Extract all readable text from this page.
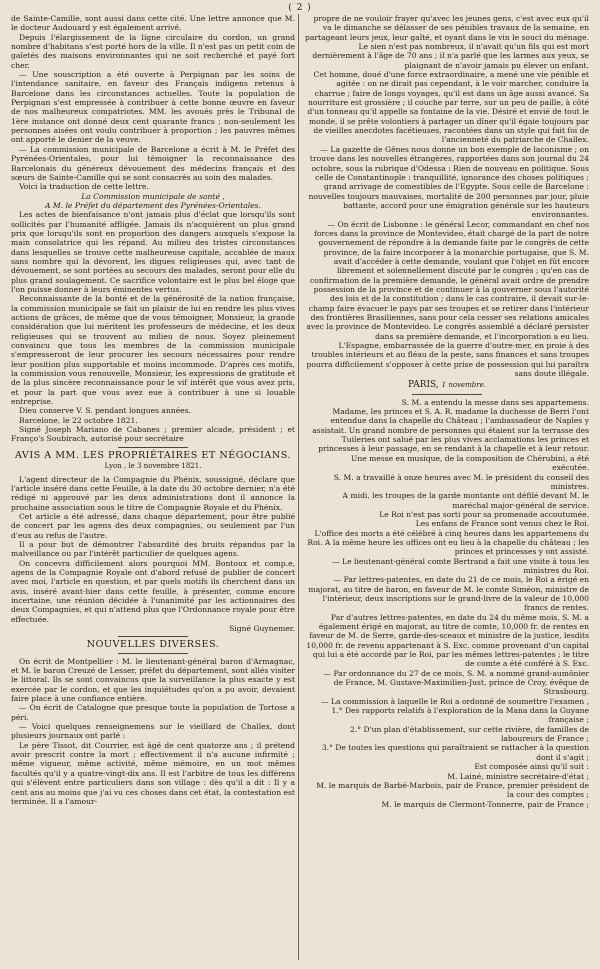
( 2 )

de Sainte-Camille, sont aussi dans cette cité. Une lettre annonce que M. le docteur Audouard y est également arrivé.

Depuis l'élargissement de la ligne circulaire du cordon, un grand nombre d'habitans s'est porté hors de la ville. Il n'est pas un petit coin de gaîetés des maisons environnantes qui ne soit recherché et payé fort cher.

— Une souscription a été ouverte à Perpignan par les soins de l'intendance sanitaire, en faveur des Français indigens retenus à Barcelone dans les circonstances actuelles. Toute la population de Perpignan s'est empressée à contribuer à cette bonne œuvre en faveur de nos malheureux compatriotes. MM. les avoués près le Tribunal de 1ère instance ont donné deux cent quarante francs ; non-seulement les personnes aisées ont voulu contribuer à proportion ; les pauvres mêmes ont apporté le denier de la veuve.

— La commission municipale de Barcelone a écrit à M. le Préfet des Pyrénées-Orientales, pour lui témoigner la reconnaissance des Barcelonais du généreux dévouement des médecins français et des sœurs de Sainte-Camille qui se sont consacrés au soin des malades.

Voici la traduction de cette lettre.

La Commission municipale de santé ,

A M. le Préfet du département des Pyrénées-Orientales.

Les actes de bienfaisance n'ont jamais plus d'éclat que lorsqu'ils sont sollicités par l'humanité affligée. Jamais ils n'acquièrent un plus grand prix que lorsqu'ils sont en proportion des dangers auxquels s'expose la main consolatrice qui les répand. Au milieu des tristes circonstances dans lesquelles se trouve cette malheureuse capitale, accablée de maux sans nombre qui la dévorent, les digues religieuses qui, avec tant de dévouement, se sont portées au secours des malades, seront pour elle du plus grand soulagement. Ce sacrifice volontaire est le plus bel éloge que l'on puisse donner à leurs éminentes vertus.

Reconnaissante de la bonté et de la générosité de la nation française, la commission municipale se fait un plaisir de lui en rendre les plus vives actions de grâces, de même que de vous témoigner, Monsieur, la grande considération que lui méritent les professeurs de médecine, et les deux religieuses qui se trouvent au milieu de nous. Soyez pleinement convaincu que tous les membres de la commission municipale s'empresseront de leur procurer les secours nécessaires pour rendre leur position plus supportable et moins incommode. D'après ces motifs, la commission vous renouvelle, Monsieur, les expressions de gratitude et de la plus sincère reconnaissance pour le vif intérêt que vous avez pris, et pour la part que vous avez eue à contribuer à une si louable entreprise.

Dieu conserve V. S. pendant longues années.

Barcelone, le 22 octobre 1821.

Signé Joseph Mariano de Cabanes ; premier alcade, président ; et Franço's Soubirach, autorisé pour secrétaire

AVIS A MM. LES PROPRIÉTAIRES ET NÉGOCIANS.
Lyon , le 3 novembre 1821.

L'agent directeur de la Compagnie du Phénix, soussigné, déclare que l'article inséré dans cette Feuille, à la date du 30 octobre dernier, n'a été rédigé ni approuvé par les deux administrations dont il annonce la prochaine association sous le titre de Compagnie Royale et du Phénix.

Cet article a été adressé, dans chaque département, pour être publié de concert par les agens des deux compagnies, ou seulement par l'un d'eux au refus de l'autre.

Il a pour but de démontrer l'absurdité des bruits répandus par la malveillance ou par l'intérêt particulier de quelques agens.

On concevra difficilement alors pourquoi MM. Bontoux et comp.e, agens de la Compagnie Royale ont d'abord refusé de publier de concert avec moi, l'article en question, et par quels motifs ils cherchent dans un avis, inséré avant-hier dans cette feuille, à présenter, comme encore incertaine, une réunion décidée à l'unanimité par les actionnaires des deux Compagnies, et qui n'attend plus que l'Ordonnance royale pour être effectuée.

Signé Guynemer.

NOUVELLES DIVERSES.

On écrit de Montpellier : M. le lieutenant-général baron d'Armagnac, et M. le baron Creuzé de Lesser, préfet du département, sont allés visiter le littoral. Ils se sont convaincus que la surveillance la plus exacte y est exercée par le cordon, et que les inquiétudes qu'on a pu avoir, devaient faire place à une confiance entière.

— On écrit de Catalogne que presque toute la population de Tortose a péri.

— Voici quelques renseignemens sur le vieillard de Challex, dont plusieurs journaux ont parlé :

Le père Tissot, dit Courrier, est âgé de cent quatorze ans ; il prétend avoir prescrit contre la mort ; effectivement il n'a aucune infirmité ; même vigueur, même activité, même mémoire, en un mot mêmes facultés qu'il y a quatre-vingt-dix ans. Il est l'arbitre de tous les différens qui s'élèvent entre particuliers dans son village : dès qu'il a dit : Il y a cent ans au moins que j'ai vu ces choses dans cet état, la contestation est terminée. Il a l'amour-

propre de ne vouloir frayer qu'avec les jeunes gens, c'est avec eux qu'il va le dimanche se délasser de ses pénibles travaux de la semaine, en partageant leurs jeux, leur gaîté, et oyant dans le vin le souci du ménage. Le sien n'est pas nombreux, il n'avait qu'un fils qui est mort dernièrement à l'âge de 70 ans ; il n'a parlé que les larmes aux yeux, se plaignant de n'avoir jamais pu élever un enfant.

Cet homme, doué d'une force extraordinaire, a mené une vie pénible et agitée : on ne dirait pas cependant, à le voir marcher, conduire la charrue ; faire de longs voyages, qu'il est dans un âge aussi avancé. Sa nourriture est grossière ; il couche par terre, sur un peu de paille, à côté d'un tonneau qu'il appelle sa fontaine de la vie. Désiré et envié de tout le monde, il se prête volontiers à partager un dîner qu'il égaie toujours par de vieilles anecdotes facétieuses, racontées dans un style qui fait foi de l'ancienneté du patriarche de Challex.

— La gazette de Gênes nous donne un bon exemple de laconisme ; on trouve dans les nouvelles étrangères, rapportées dans son journal du 24 octobre, sous la rubrique d'Odessa : Rien de nouveau en politique. Sous celle de Constantinople : tranquillité, ignorance des choses politiques ; grand arrivage de comestibles de l'Egypte. Sous celle de Barcelone : nouvelles toujours mauvaises, mortalité de 200 personnes par jour, pluie battante, accord pour une émigration générale sur les hauteurs environnantes.

— On écrit de Lisbonne : le général Lecor, commandant en chef nos forces dans la province de Montevideo, était chargé de la part de notre gouvernement de répondre à la demande faite par le congrès de cette province, de la faire incorporer à la monarchie portugaise, que S. M. avait d'accéder à cette demande, voulant que l'objet en fût encore librement et solennellement discuté par le congrès ; qu'en cas de confirmation de la première demande, le général avait ordre de prendre possession de la province et de continuer à la gouverner sous l'autorité des lois et de la constitution ; dans le cas contraire, il devait sur-le-champ faire évacuer le pays par ses troupes et se retirer dans l'intérieur des frontières Brasiliennes, sans pour cela cesser ses relations amicales avec la province de Montevideo. Le congrès assemblé a déclaré persister dans sa première demande, et l'incorporation a eu lieu.

L'Espagne, embarrassée de la guerre d'outre-mer, en proie à des troubles intérieurs et au fléau de la peste, sans finances et sans troupes pourra difficilement s'opposer à cette prise de possession qui lui paraîtra sans doute illégale.

PARIS, 1 novembre.

S. M. a entendu la messe dans ses appartemens.

Madame, les princes et S. A. R. madame la duchesse de Berri l'ont entendue dans la chapelle du Château ; l'ambassadeur de Naples y assistait. Un grand nombre de personnes qui étaient sur la terrasse des Tuileries ont salué par les plus vives acclamations les princes et princesses à leur passage, en se rendant à la chapelle et à leur retour.

Une messe en musique, de la composition de Chérubini, a été exécutée.

S. M. a travaillé à onze heures avec M. le président du conseil des ministres.

A midi, les troupes de la garde montante ont défilé devant M. le maréchal major-général de service.

Le Roi n'est pas sorti pour sa promenade accoutumée.

Les enfans de France sont venus chez le Roi.

L'office des morts a été célébré à cinq heures dans les appartemens du Roi. A la même heure les offices ont eu lieu à la chapelle du château ; les princes et princesses y ont assisté.

— Le lieutenant-général comte Bertrand a fait une visite à tous les ministres du Roi.

— Par lettres-patentes, en date du 21 de ce mois, le Roi a érigé en majorat, au titre de baron, en faveur de M. le comte Siméon, ministre de l'intérieur, deux inscriptions sur le grand-livre de la valeur de 10,000 francs de rentes.

Par d'autres lettres-patentes, en date du 24 du même mois, S. M. a également érigé en majorat, au titre de comte, 10,000 fr. de rentes en faveur de M. de Serre, garde-des-sceaux et ministre de la justice, lesdits 10,000 fr. de revenu appartenant à S. Exc. comme provenant d'un capital qui lui a été accordé par le Roi, par les mêmes lettres-patentes ; le titre de comte a été conféré à S. Exc.

— Par ordonnance du 27 de ce mois, S. M. a nommé grand-aumônier de France, M. Gustave-Maximilien-Just, prince de Croy, évêque de Strasbourg.

— La commission à laquelle le Roi a ordonné de soumettre l'examen ,

1.° Des rapports relatifs à l'exploration de la Mana dans la Guyane française ;

2.° D'un plan d'établissement, sur cette rivière, de familles de laboureurs de France ;

3.° De toutes les questions qui paraîtraient se rattacher à la question dont il s'agit ;

Est composée ainsi qu'il suit :

M. Lainé, ministre secrétaire-d'état ;

M. le marquis de Barbé-Marbois, pair de France, premier président de la cour des comptes ;

M. le marquis de Clermont-Tonnerre, pair de France ;
